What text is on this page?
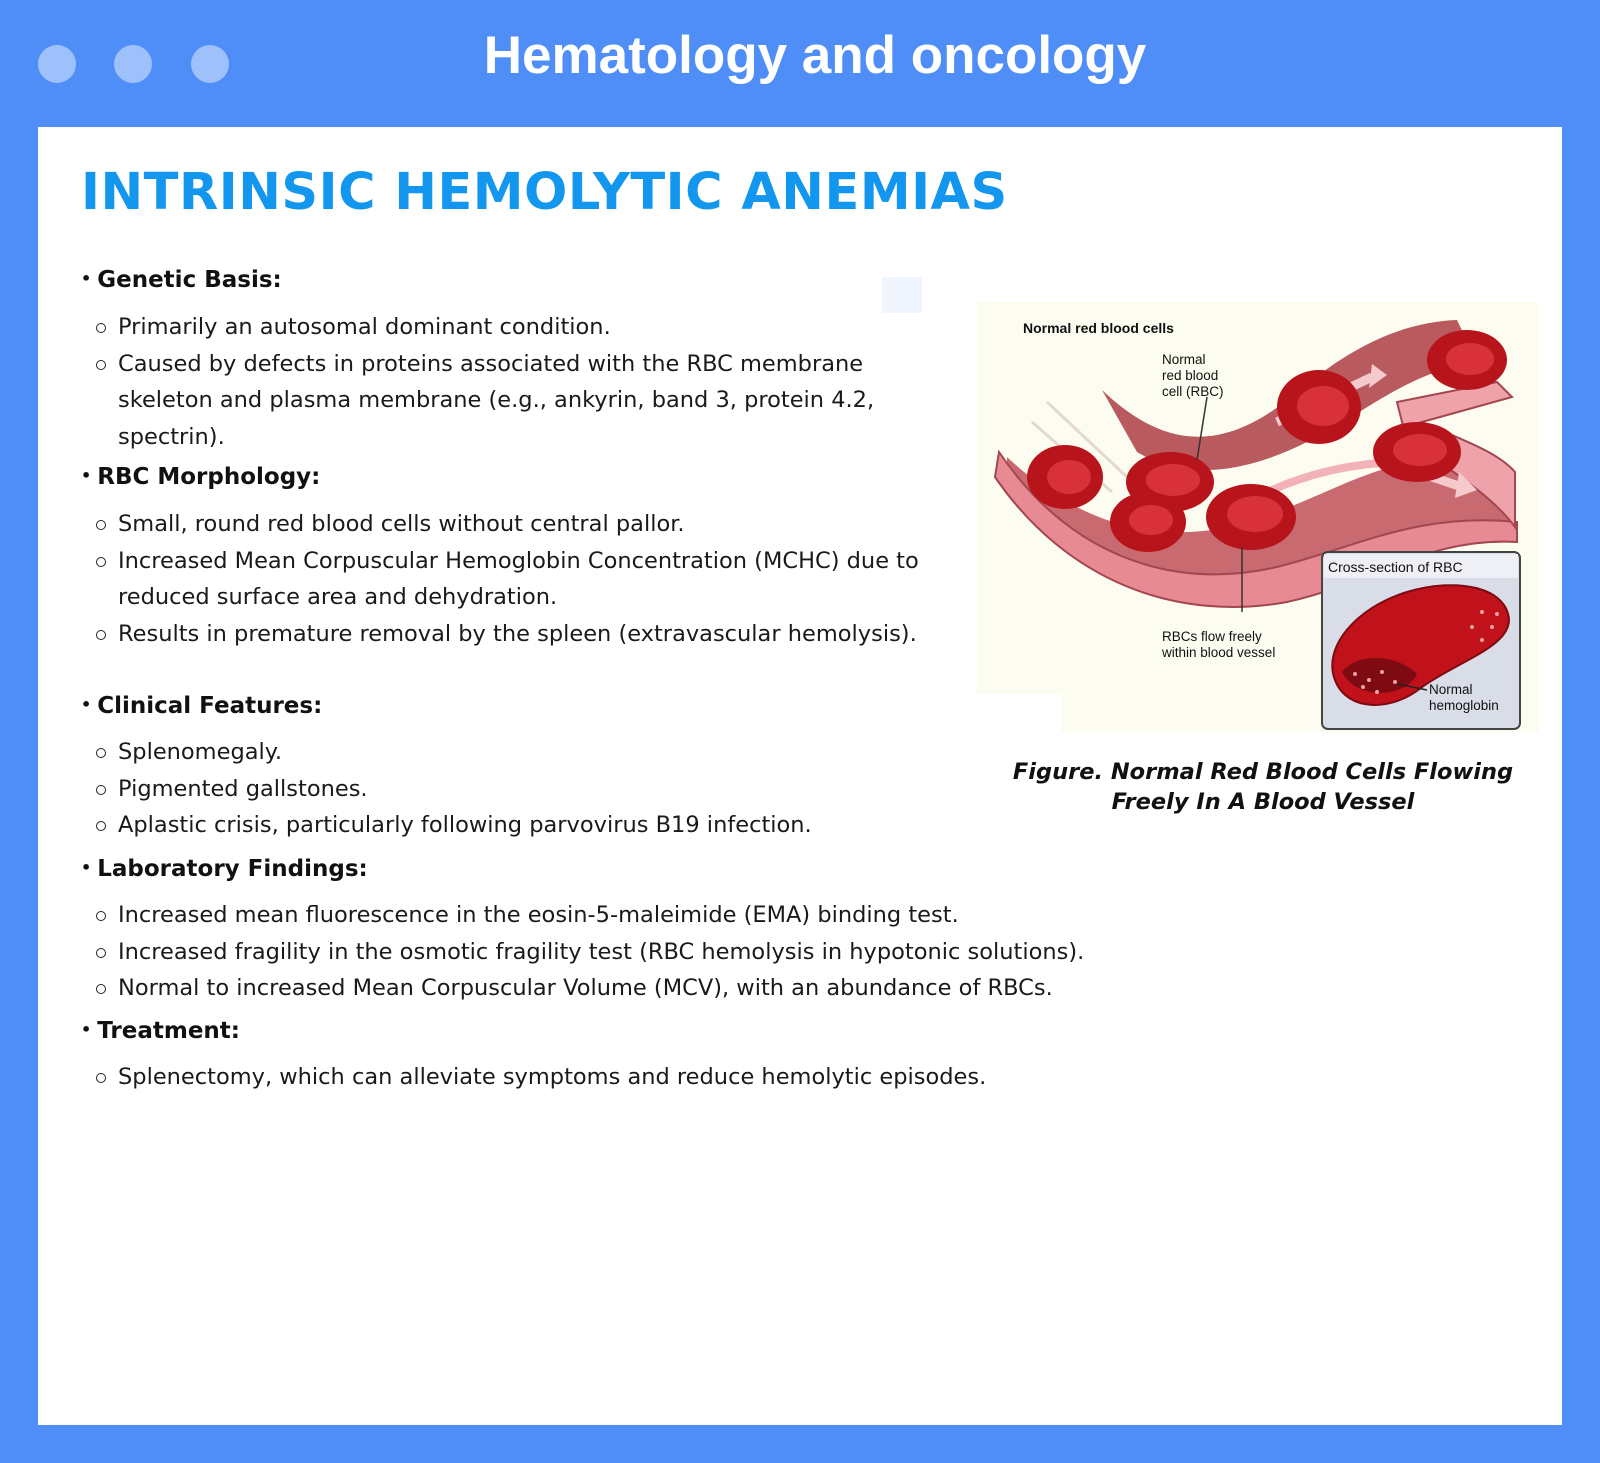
Hematology and oncology
INTRINSIC HEMOLYTIC ANEMIAS

• Genetic Basis:

Primarily an autosomal dominant condition.
Caused by defects in proteins associated with the RBC membrane skeleton and plasma membrane (e.g., ankyrin, band 3, protein 4.2, spectrin).

• RBC Morphology:

Small, round red blood cells without central pallor.
Increased Mean Corpuscular Hemoglobin Concentration (MCHC) due to reduced surface area and dehydration.
Results in premature removal by the spleen (extravascular hemolysis).

• Clinical Features:

Splenomegaly.
Pigmented gallstones.
Aplastic crisis, particularly following parvovirus B19 infection.

• Laboratory Findings:

Increased mean fluorescence in the eosin-5-maleimide (EMA) binding test.
Increased fragility in the osmotic fragility test (RBC hemolysis in hypotonic solutions).
Normal to increased Mean Corpuscular Volume (MCV), with an abundance of RBCs.

• Treatment:

Splenectomy, which can alleviate symptoms and reduce hemolytic episodes.
Normal red blood cells
Normal
red blood
cell (RBC)
RBCs flow freely
within blood vessel
Cross-section of RBC
Normal
hemoglobin

Figure. Normal Red Blood Cells Flowing
Freely In A Blood Vessel
